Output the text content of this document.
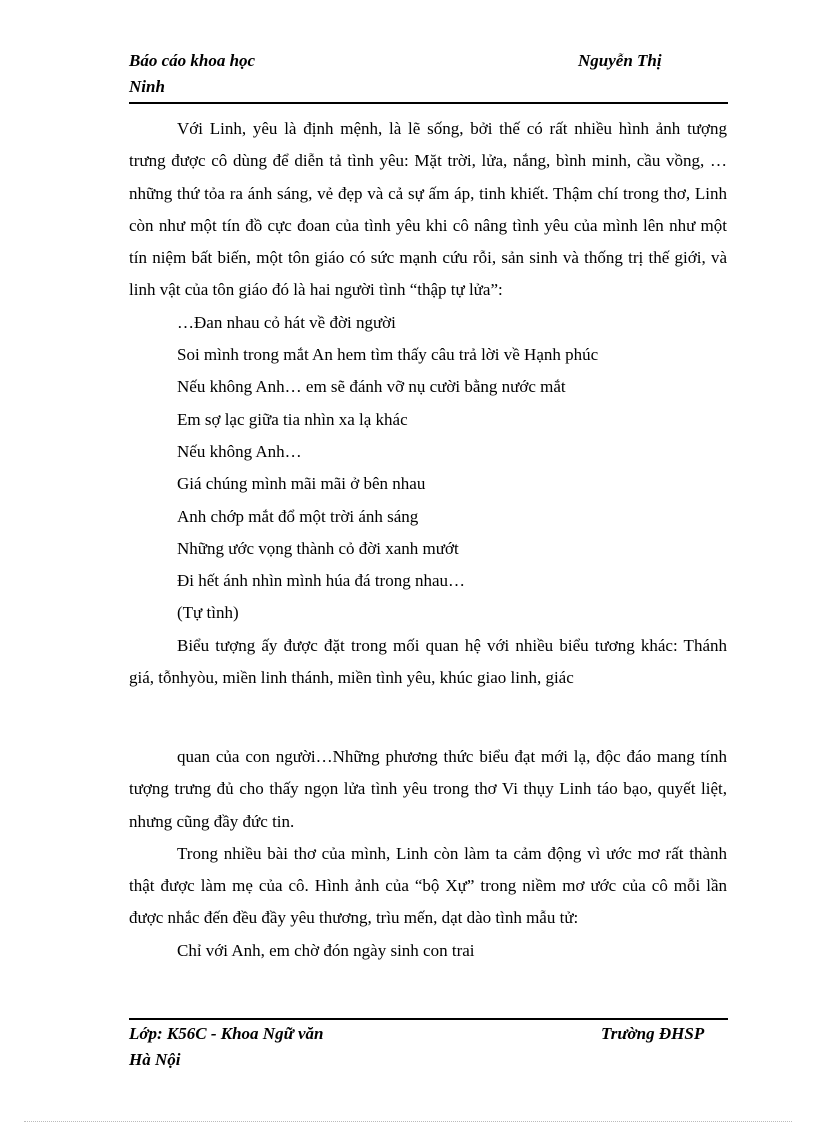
Báo cáo khoa học
Ninh
Nguyễn Thị

Với Linh, yêu là định mệnh, là lẽ sống, bởi thế có rất nhiều hình ảnh tượng trưng được cô dùng để diễn tả tình yêu: Mặt trời, lửa, nắng, bình minh, cầu vồng, … những thứ tỏa ra ánh sáng, vẻ đẹp và cả sự ấm áp, tinh khiết. Thậm chí trong thơ, Linh còn như một tín đồ cực đoan của tình yêu khi cô nâng tình yêu của mình lên như một tín niệm bất biến, một tôn giáo có sức mạnh cứu rỗi, sản sinh và thống trị thế giới, và linh vật của tôn giáo đó là hai người tình “thập tự lửa”:

…Đan nhau cỏ hát về đời người
Soi mình trong mắt An hem tìm thấy câu trả lời về Hạnh phúc
Nếu không Anh… em sẽ đánh vỡ nụ cười bằng nước mắt
Em sợ lạc giữa tia nhìn xa lạ khác
Nếu không Anh…
Giá chúng mình mãi mãi ở bên nhau
Anh chớp mắt đổ một trời ánh sáng
Những ước vọng thành cỏ đời xanh mướt
Đi hết ánh nhìn mình húa đá trong nhau…
(Tự tình)

Biểu tượng ấy được đặt trong mối quan hệ với nhiều biểu tương khác: Thánh giá, tỗnhyòu, miền linh thánh, miền tình yêu, khúc giao linh, giác

quan của con người…Những phương thức biểu đạt mới lạ, độc đáo mang tính tượng trưng đủ cho thấy ngọn lửa tình yêu trong thơ Vi thụy Linh táo bạo, quyết liệt, nhưng cũng đầy đức tin.

Trong nhiều bài thơ của mình, Linh còn làm ta cảm động vì ước mơ rất thành thật được làm mẹ của cô. Hình ảnh của “bộ Xự” trong niềm mơ ước của cô mỗi lần được nhắc đến đều đầy yêu thương, trìu mến, dạt dào tình mẫu tử:

Chỉ với Anh, em chờ đón ngày sinh con trai
Lớp: K56C - Khoa Ngữ văn
Hà Nội
Trường ĐHSP
